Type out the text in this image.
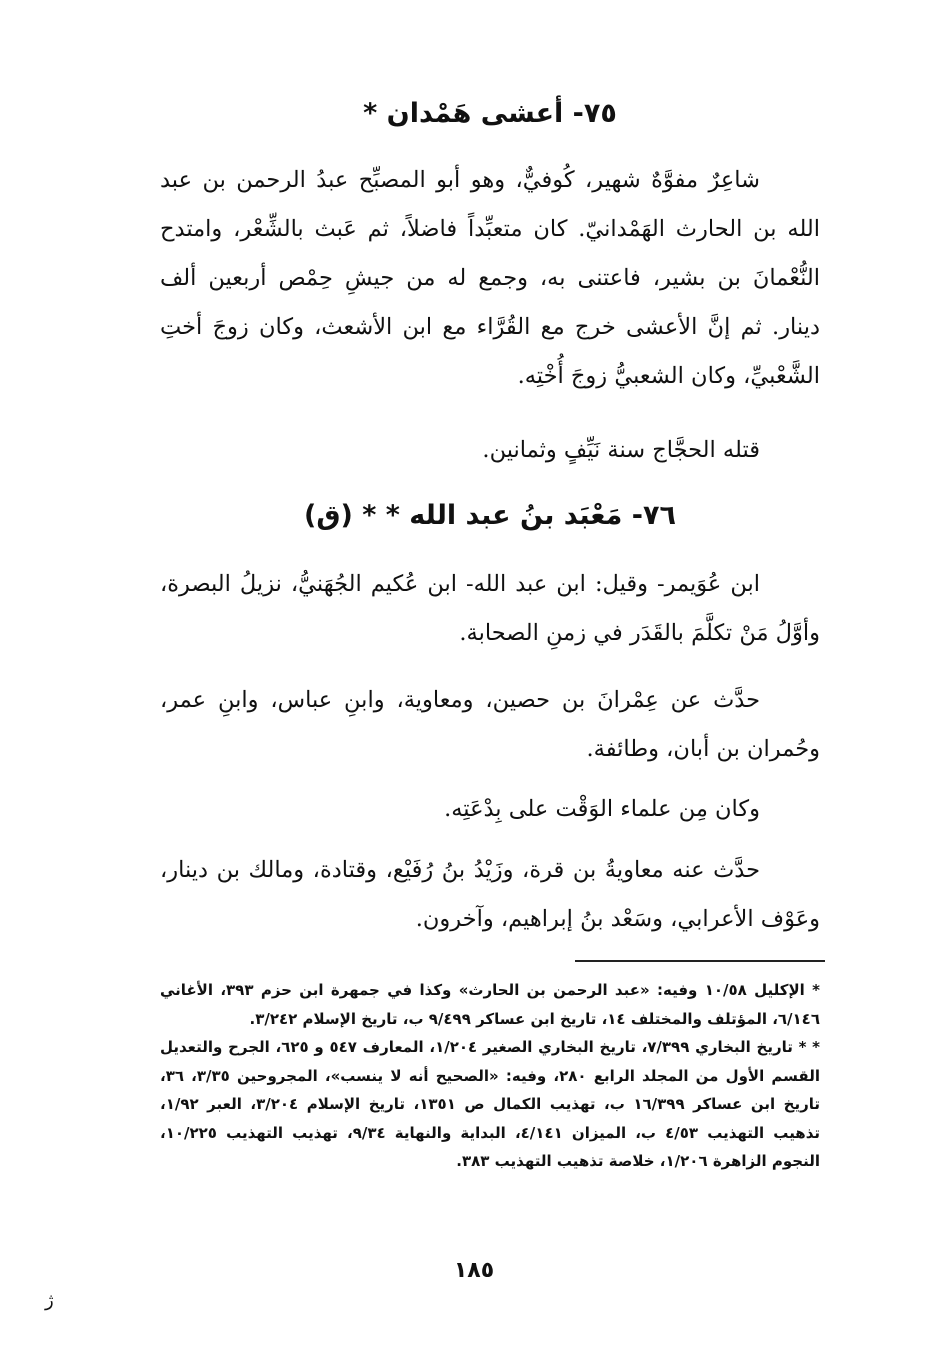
٧٥- أعشى هَمْدان *
شاعِرٌ مفوَّهٌ شهير، كُوفيٌّ، وهو أبو المصبِّح عبدُ الرحمن بن عبد الله بن الحارث الهَمْدانيّ. كان متعبِّداً فاضلاً، ثم عَبث بالشِّعْر، وامتدح النُّعْمانَ بن بشير، فاعتنى به، وجمع له من جيشِ حِمْص أربعين ألف دينار. ثم إنَّ الأعشى خرج مع القُرَّاء مع ابن الأشعث، وكان زوجَ أختِ الشَّعْبيِّ، وكان الشعبيُّ زوجَ أُخْتِه.
قتله الحجَّاج سنة نَيِّفٍ وثمانين.
٧٦- مَعْبَد بنُ عبد الله * * (ق)
ابن عُوَيمر- وقيل: ابن عبد الله- ابن عُكيم الجُهَنيُّ، نزيلُ البصرة، وأوَّلُ مَنْ تكلَّمَ بالقَدَر في زمنِ الصحابة.
حدَّث عن عِمْرانَ بن حصين، ومعاوية، وابنِ عباس، وابنِ عمر، وحُمران بن أبان، وطائفة.
وكان مِن علماء الوَقْت على بِدْعَتِه.
حدَّث عنه معاويةُ بن قرة، وزَيْدُ بنُ رُفَيْع، وقتادة، ومالك بن دينار، وعَوْف الأعرابي، وسَعْد بنُ إبراهيم، وآخرون.

* الإكليل ١٠/٥٨ وفيه: «عبد الرحمن بن الحارث» وكذا في جمهرة ابن حزم ٣٩٣، الأغاني ٦/١٤٦، المؤتلف والمختلف ١٤، تاريخ ابن عساكر ٩/٤٩٩ ب، تاريخ الإسلام ٣/٢٤٢.

* * تاريخ البخاري ٧/٣٩٩، تاريخ البخاري الصغير ١/٢٠٤، المعارف ٥٤٧ و ٦٢٥، الجرح والتعديل القسم الأول من المجلد الرابع ٢٨٠، وفيه: «الصحيح أنه لا ينسب»، المجروحين ٣/٣٥، ٣٦، تاريخ ابن عساكر ١٦/٣٩٩ ب، تهذيب الكمال ص ١٣٥١، تاريخ الإسلام ٣/٢٠٤، العبر ١/٩٢، تذهيب التهذيب ٤/٥٣ ب، الميزان ٤/١٤١، البداية والنهاية ٩/٣٤، تهذيب التهذيب ١٠/٢٢٥، النجوم الزاهرة ١/٢٠٦، خلاصة تذهيب التهذيب ٣٨٣.

١٨٥
ﮊ
